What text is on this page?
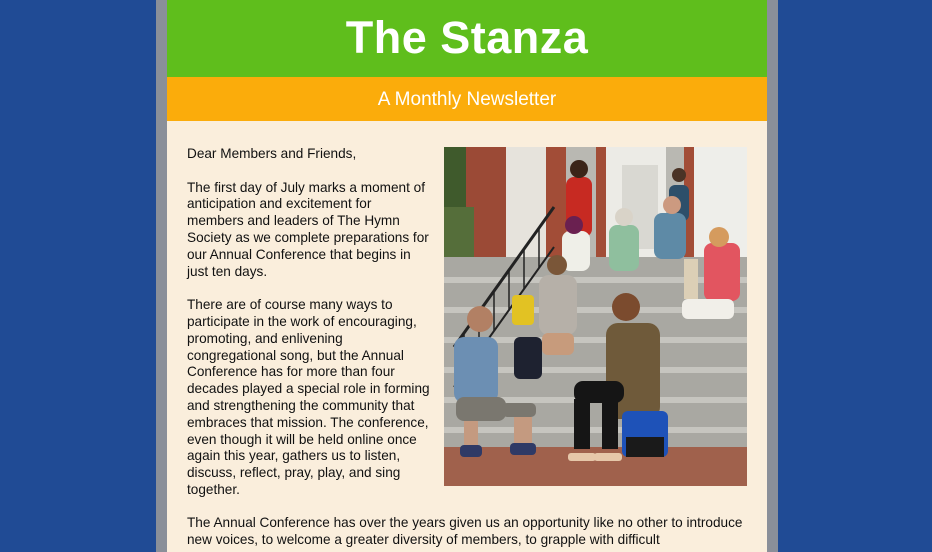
The Stanza
A Monthly Newsletter

Dear Members and Friends,

The first day of July marks a moment of anticipation and excitement for members and leaders of The Hymn Society as we complete preparations for our Annual Conference that begins in just ten days.

There are of course many ways to participate in the work of encouraging, promoting, and enlivening congregational song, but the Annual Conference has for more than four decades played a special role in forming and strengthening the community that embraces that mission. The conference, even though it will be held online once again this year, gathers us to listen, discuss, reflect, pray, play, and sing together.

The Annual Conference has over the years given us an opportunity like no other to introduce new voices, to welcome a greater diversity of members, to grapple with difficult
